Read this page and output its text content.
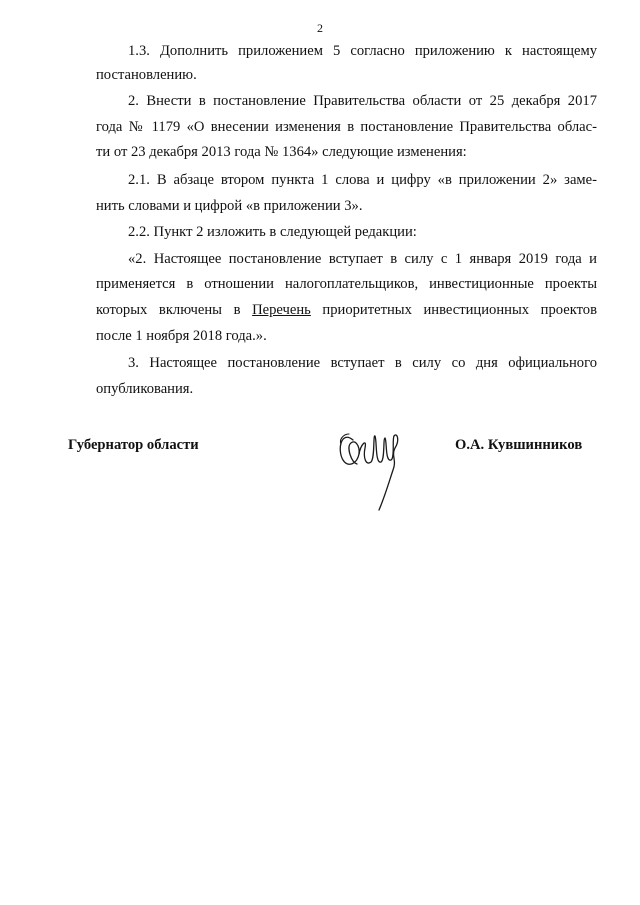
2
1.3. Дополнить приложением 5 согласно приложению к настоящему
постановлению.
2. Внести в постановление Правительства области от 25 декабря 2017
года № 1179 «О внесении изменения в постановление Правительства облас-
ти от 23 декабря 2013 года № 1364» следующие изменения:
2.1. В абзаце втором пункта 1 слова и цифру «в приложении 2» заме-
нить словами и цифрой «в приложении 3».
2.2. Пункт 2 изложить в следующей редакции:
«2. Настоящее постановление вступает в силу с 1 января 2019 года и
применяется в отношении налогоплательщиков, инвестиционные проекты
которых включены в Перечень приоритетных инвестиционных проектов
после 1 ноября 2018 года.».
3. Настоящее постановление вступает в силу со дня официального
опубликования.
Губернатор области	О.А. Кувшинников
